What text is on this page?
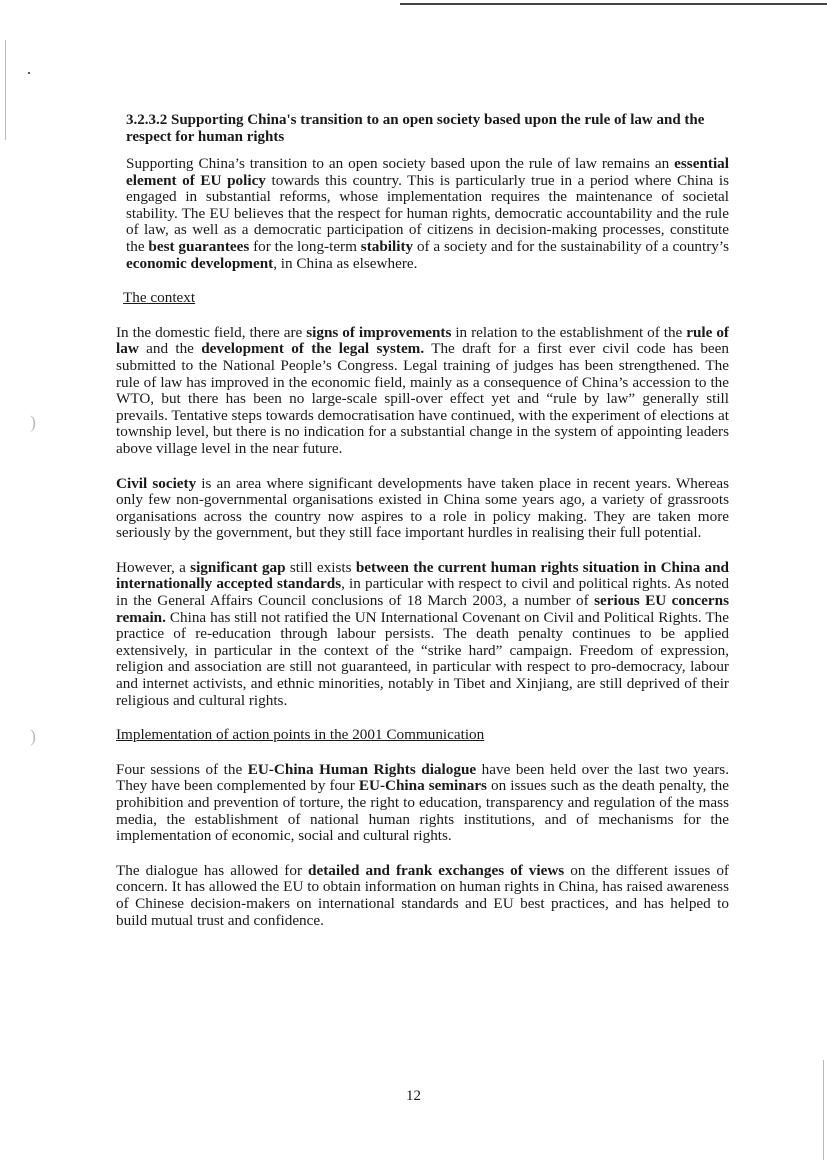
)
)
3.2.3.2 Supporting China's transition to an open society based upon the rule of law and the respect for human rights

Supporting China’s transition to an open society based upon the rule of law remains an essential element of EU policy towards this country. This is particularly true in a period where China is engaged in substantial reforms, whose implementation requires the maintenance of societal stability. The EU believes that the respect for human rights, democratic accountability and the rule of law, as well as a democratic participation of citizens in decision-making processes, constitute the best guarantees for the long-term stability of a society and for the sustainability of a country’s economic development, in China as elsewhere.

The context

In the domestic field, there are signs of improvements in relation to the establishment of the rule of law and the development of the legal system. The draft for a first ever civil code has been submitted to the National People’s Congress. Legal training of judges has been strengthened. The rule of law has improved in the economic field, mainly as a consequence of China’s accession to the WTO, but there has been no large-scale spill-over effect yet and “rule by law” generally still prevails. Tentative steps towards democratisation have continued, with the experiment of elections at township level, but there is no indication for a substantial change in the system of appointing leaders above village level in the near future.

Civil society is an area where significant developments have taken place in recent years. Whereas only few non-governmental organisations existed in China some years ago, a variety of grassroots organisations across the country now aspires to a role in policy making. They are taken more seriously by the government, but they still face important hurdles in realising their full potential.

However, a significant gap still exists between the current human rights situation in China and internationally accepted standards, in particular with respect to civil and political rights. As noted in the General Affairs Council conclusions of 18 March 2003, a number of serious EU concerns remain. China has still not ratified the UN International Covenant on Civil and Political Rights. The practice of re-education through labour persists. The death penalty continues to be applied extensively, in particular in the context of the “strike hard” campaign. Freedom of expression, religion and association are still not guaranteed, in particular with respect to pro-democracy, labour and internet activists, and ethnic minorities, notably in Tibet and Xinjiang, are still deprived of their religious and cultural rights.

Implementation of action points in the 2001 Communication

Four sessions of the EU-China Human Rights dialogue have been held over the last two years. They have been complemented by four EU-China seminars on issues such as the death penalty, the prohibition and prevention of torture, the right to education, transparency and regulation of the mass media, the establishment of national human rights institutions, and of mechanisms for the implementation of economic, social and cultural rights.

The dialogue has allowed for detailed and frank exchanges of views on the different issues of concern. It has allowed the EU to obtain information on human rights in China, has raised awareness of Chinese decision-makers on international standards and EU best practices, and has helped to build mutual trust and confidence.

12
